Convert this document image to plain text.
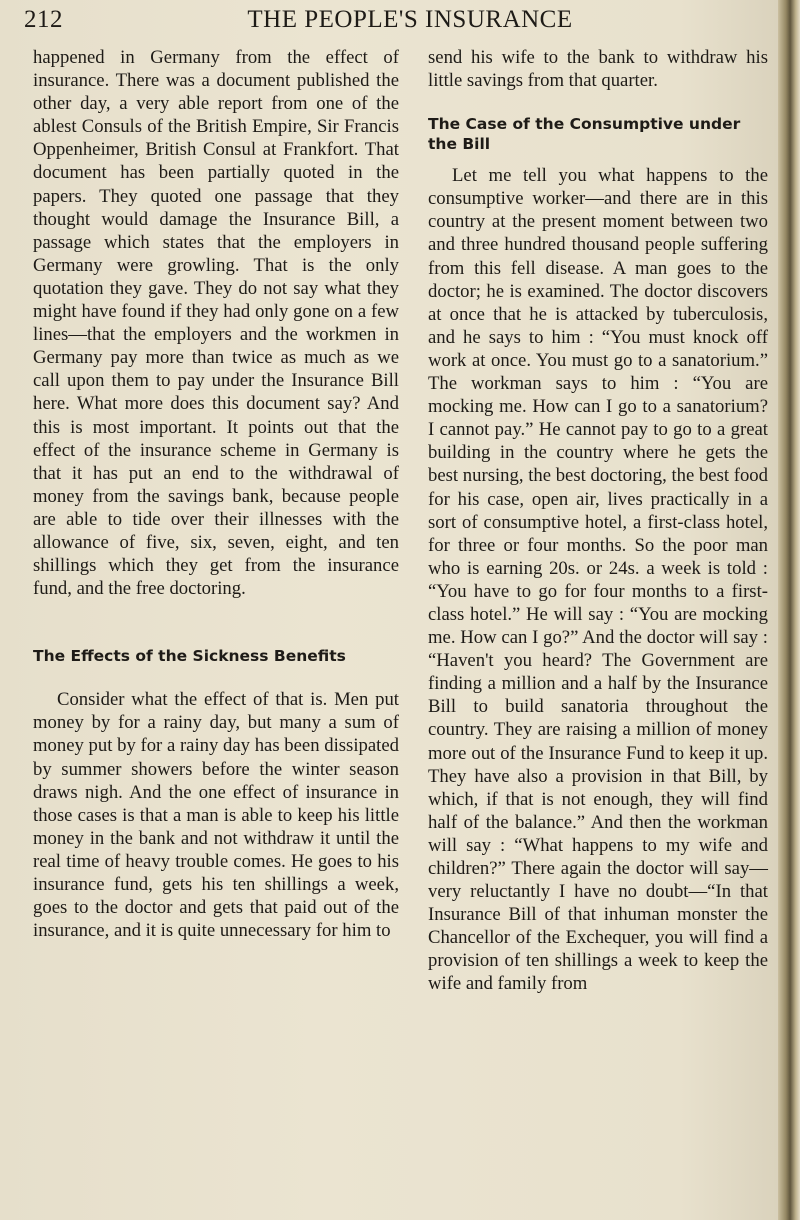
212	THE PEOPLE'S INSURANCE

happened in Germany from the effect of insurance. There was a document published the other day, a very able report from one of the ablest Consuls of the British Empire, Sir Francis Oppenheimer, British Consul at Frankfort. That document has been partially quoted in the papers. They quoted one passage that they thought would damage the Insurance Bill, a passage which states that the employers in Germany were growling. That is the only quotation they gave. They do not say what they might have found if they had only gone on a few lines—that the employers and the workmen in Germany pay more than twice as much as we call upon them to pay under the Insurance Bill here. What more does this document say? And this is most important. It points out that the effect of the insurance scheme in Germany is that it has put an end to the withdrawal of money from the savings bank, because people are able to tide over their illnesses with the allowance of five, six, seven, eight, and ten shillings which they get from the insurance fund, and the free doctoring.

The Effects of the Sickness Benefits

Consider what the effect of that is. Men put money by for a rainy day, but many a sum of money put by for a rainy day has been dissipated by summer showers before the winter season draws nigh. And the one effect of insurance in those cases is that a man is able to keep his little money in the bank and not withdraw it until the real time of heavy trouble comes. He goes to his insurance fund, gets his ten shillings a week, goes to the doctor and gets that paid out of the insurance, and it is quite unnecessary for him to

send his wife to the bank to withdraw his little savings from that quarter.

The Case of the Consumptive under the Bill

Let me tell you what happens to the consumptive worker—and there are in this country at the present moment between two and three hundred thousand people suffering from this fell disease. A man goes to the doctor; he is examined. The doctor discovers at once that he is attacked by tuberculosis, and he says to him : “You must knock off work at once. You must go to a sanatorium.” The workman says to him : “You are mocking me. How can I go to a sanatorium? I cannot pay.” He cannot pay to go to a great building in the country where he gets the best nursing, the best doctoring, the best food for his case, open air, lives practically in a sort of consumptive hotel, a first-class hotel, for three or four months. So the poor man who is earning 20s. or 24s. a week is told : “You have to go for four months to a first-class hotel.” He will say : “You are mocking me. How can I go?” And the doctor will say : “Haven't you heard? The Government are finding a million and a half by the Insurance Bill to build sanatoria throughout the country. They are raising a million of money more out of the Insurance Fund to keep it up. They have also a provision in that Bill, by which, if that is not enough, they will find half of the balance.” And then the workman will say : “What happens to my wife and children?” There again the doctor will say—very reluctantly I have no doubt—“In that Insurance Bill of that inhuman monster the Chancellor of the Exchequer, you will find a provision of ten shillings a week to keep the wife and family from
